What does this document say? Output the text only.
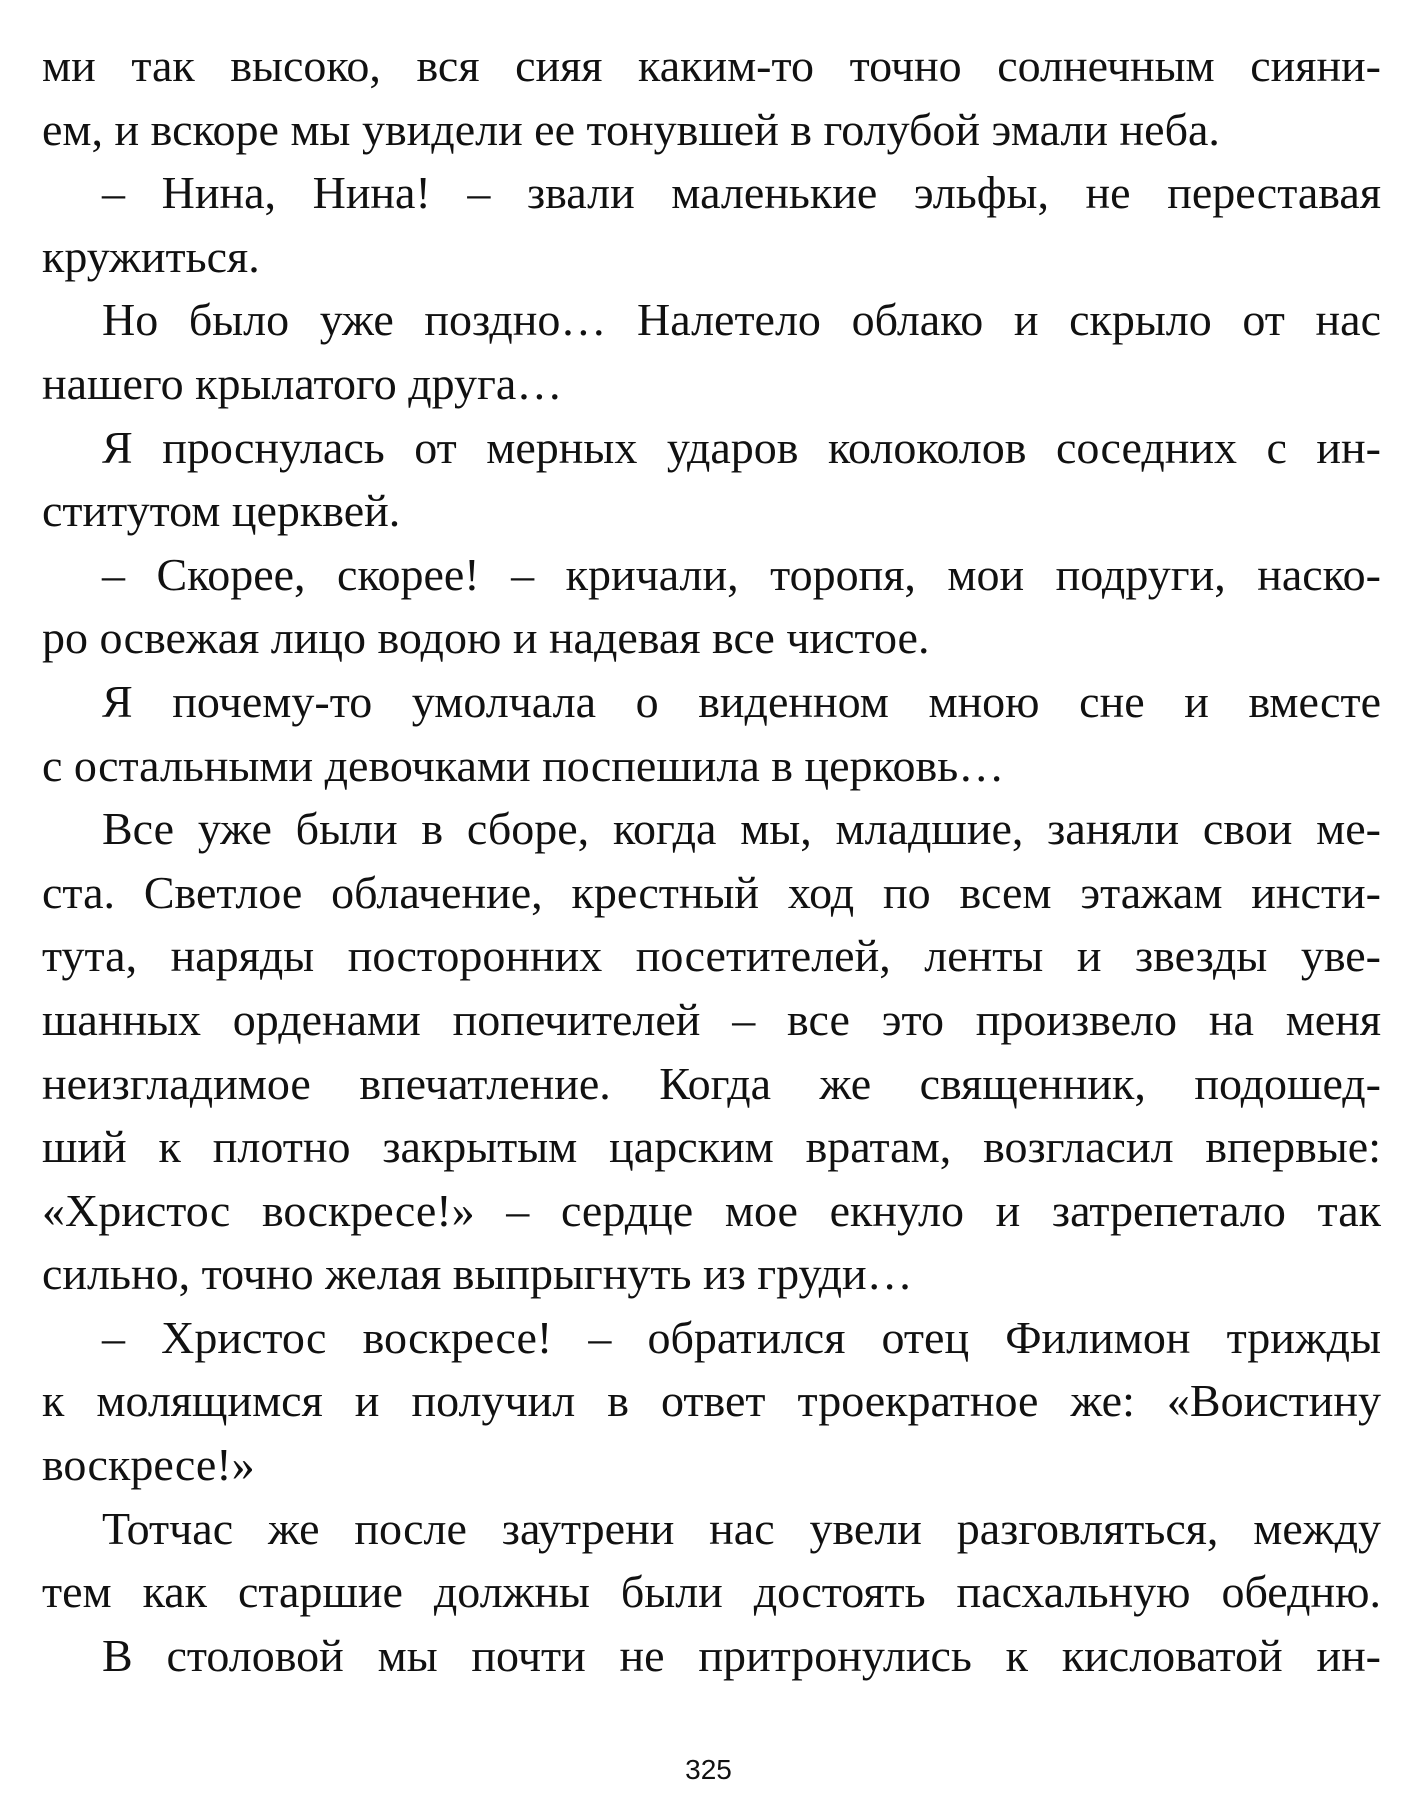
ми так высоко, вся сияя каким-то точно солнечным сияни-
ем, и вскоре мы увидели ее тонувшей в голубой эмали неба.
– Нина, Нина! – звали маленькие эльфы, не переставая
кружиться.
Но было уже поздно… Налетело облако и скрыло от нас
нашего крылатого друга…
Я проснулась от мерных ударов колоколов соседних с ин-
ститутом церквей.
– Скорее, скорее! – кричали, торопя, мои подруги, наско-
ро освежая лицо водою и надевая все чистое.
Я почему-то умолчала о виденном мною сне и вместе
с остальными девочками поспешила в церковь…
Все уже были в сборе, когда мы, младшие, заняли свои ме-
ста. Светлое облачение, крестный ход по всем этажам инсти-
тута, наряды посторонних посетителей, ленты и звезды уве-
шанных орденами попечителей – все это произвело на меня
неизгладимое впечатление. Когда же священник, подошед-
ший к плотно закрытым царским вратам, возгласил впервые:
«Христос воскресе!» – сердце мое екнуло и затрепетало так
сильно, точно желая выпрыгнуть из груди…
– Христос воскресе! – обратился отец Филимон трижды
к молящимся и получил в ответ троекратное же: «Воистину
воскресе!»
Тотчас же после заутрени нас увели разговляться, между
тем как старшие должны были достоять пасхальную обедню.
В столовой мы почти не притронулись к кисловатой ин-
325
